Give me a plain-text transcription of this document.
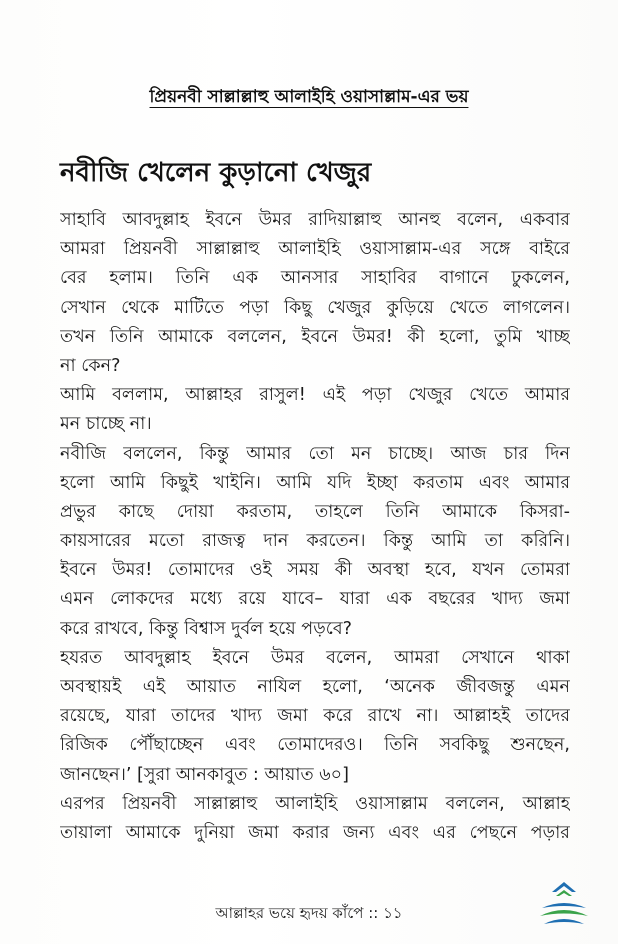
প্রিয়নবী সাল্লাল্লাহু আলাইহি ওয়াসাল্লাম-এর ভয়
নবীজি খেলেন কুড়ানো খেজুর
সাহাবি আবদুল্লাহ ইবনে উমর রাদিয়াল্লাহু আনহু বলেন, একবার
আমরা প্রিয়নবী সাল্লাল্লাহু আলাইহি ওয়াসাল্লাম-এর সঙ্গে বাইরে
বের হলাম। তিনি এক আনসার সাহাবির বাগানে ঢুকলেন,
সেখান থেকে মাটিতে পড়া কিছু খেজুর কুড়িয়ে খেতে লাগলেন।
তখন তিনি আমাকে বললেন, ইবনে উমর! কী হলো, তুমি খাচ্ছ
না কেন?
আমি বললাম, আল্লাহর রাসুল! এই পড়া খেজুর খেতে আমার
মন চাচ্ছে না।
নবীজি বললেন, কিন্তু আমার তো মন চাচ্ছে। আজ চার দিন
হলো আমি কিছুই খাইনি। আমি যদি ইচ্ছা করতাম এবং আমার
প্রভুর কাছে দোয়া করতাম, তাহলে তিনি আমাকে কিসরা-
কায়সারের মতো রাজত্ব দান করতেন। কিন্তু আমি তা করিনি।
ইবনে উমর! তোমাদের ওই সময় কী অবস্থা হবে, যখন তোমরা
এমন লোকদের মধ্যে রয়ে যাবে– যারা এক বছরের খাদ্য জমা
করে রাখবে, কিন্তু বিশ্বাস দুর্বল হয়ে পড়বে?
হযরত আবদুল্লাহ ইবনে উমর বলেন, আমরা সেখানে থাকা
অবস্থায়ই এই আয়াত নাযিল হলো, ‘অনেক জীবজন্তু এমন
রয়েছে, যারা তাদের খাদ্য জমা করে রাখে না। আল্লাহই তাদের
রিজিক পৌঁছাচ্ছেন এবং তোমাদেরও। তিনি সবকিছু শুনছেন,
জানছেন।’ [সুরা আনকাবুত : আয়াত ৬০]
এরপর প্রিয়নবী সাল্লাল্লাহু আলাইহি ওয়াসাল্লাম বললেন, আল্লাহ
তায়ালা আমাকে দুনিয়া জমা করার জন্য এবং এর পেছনে পড়ার
আল্লাহর ভয়ে হৃদয় কাঁপে :: ১১
